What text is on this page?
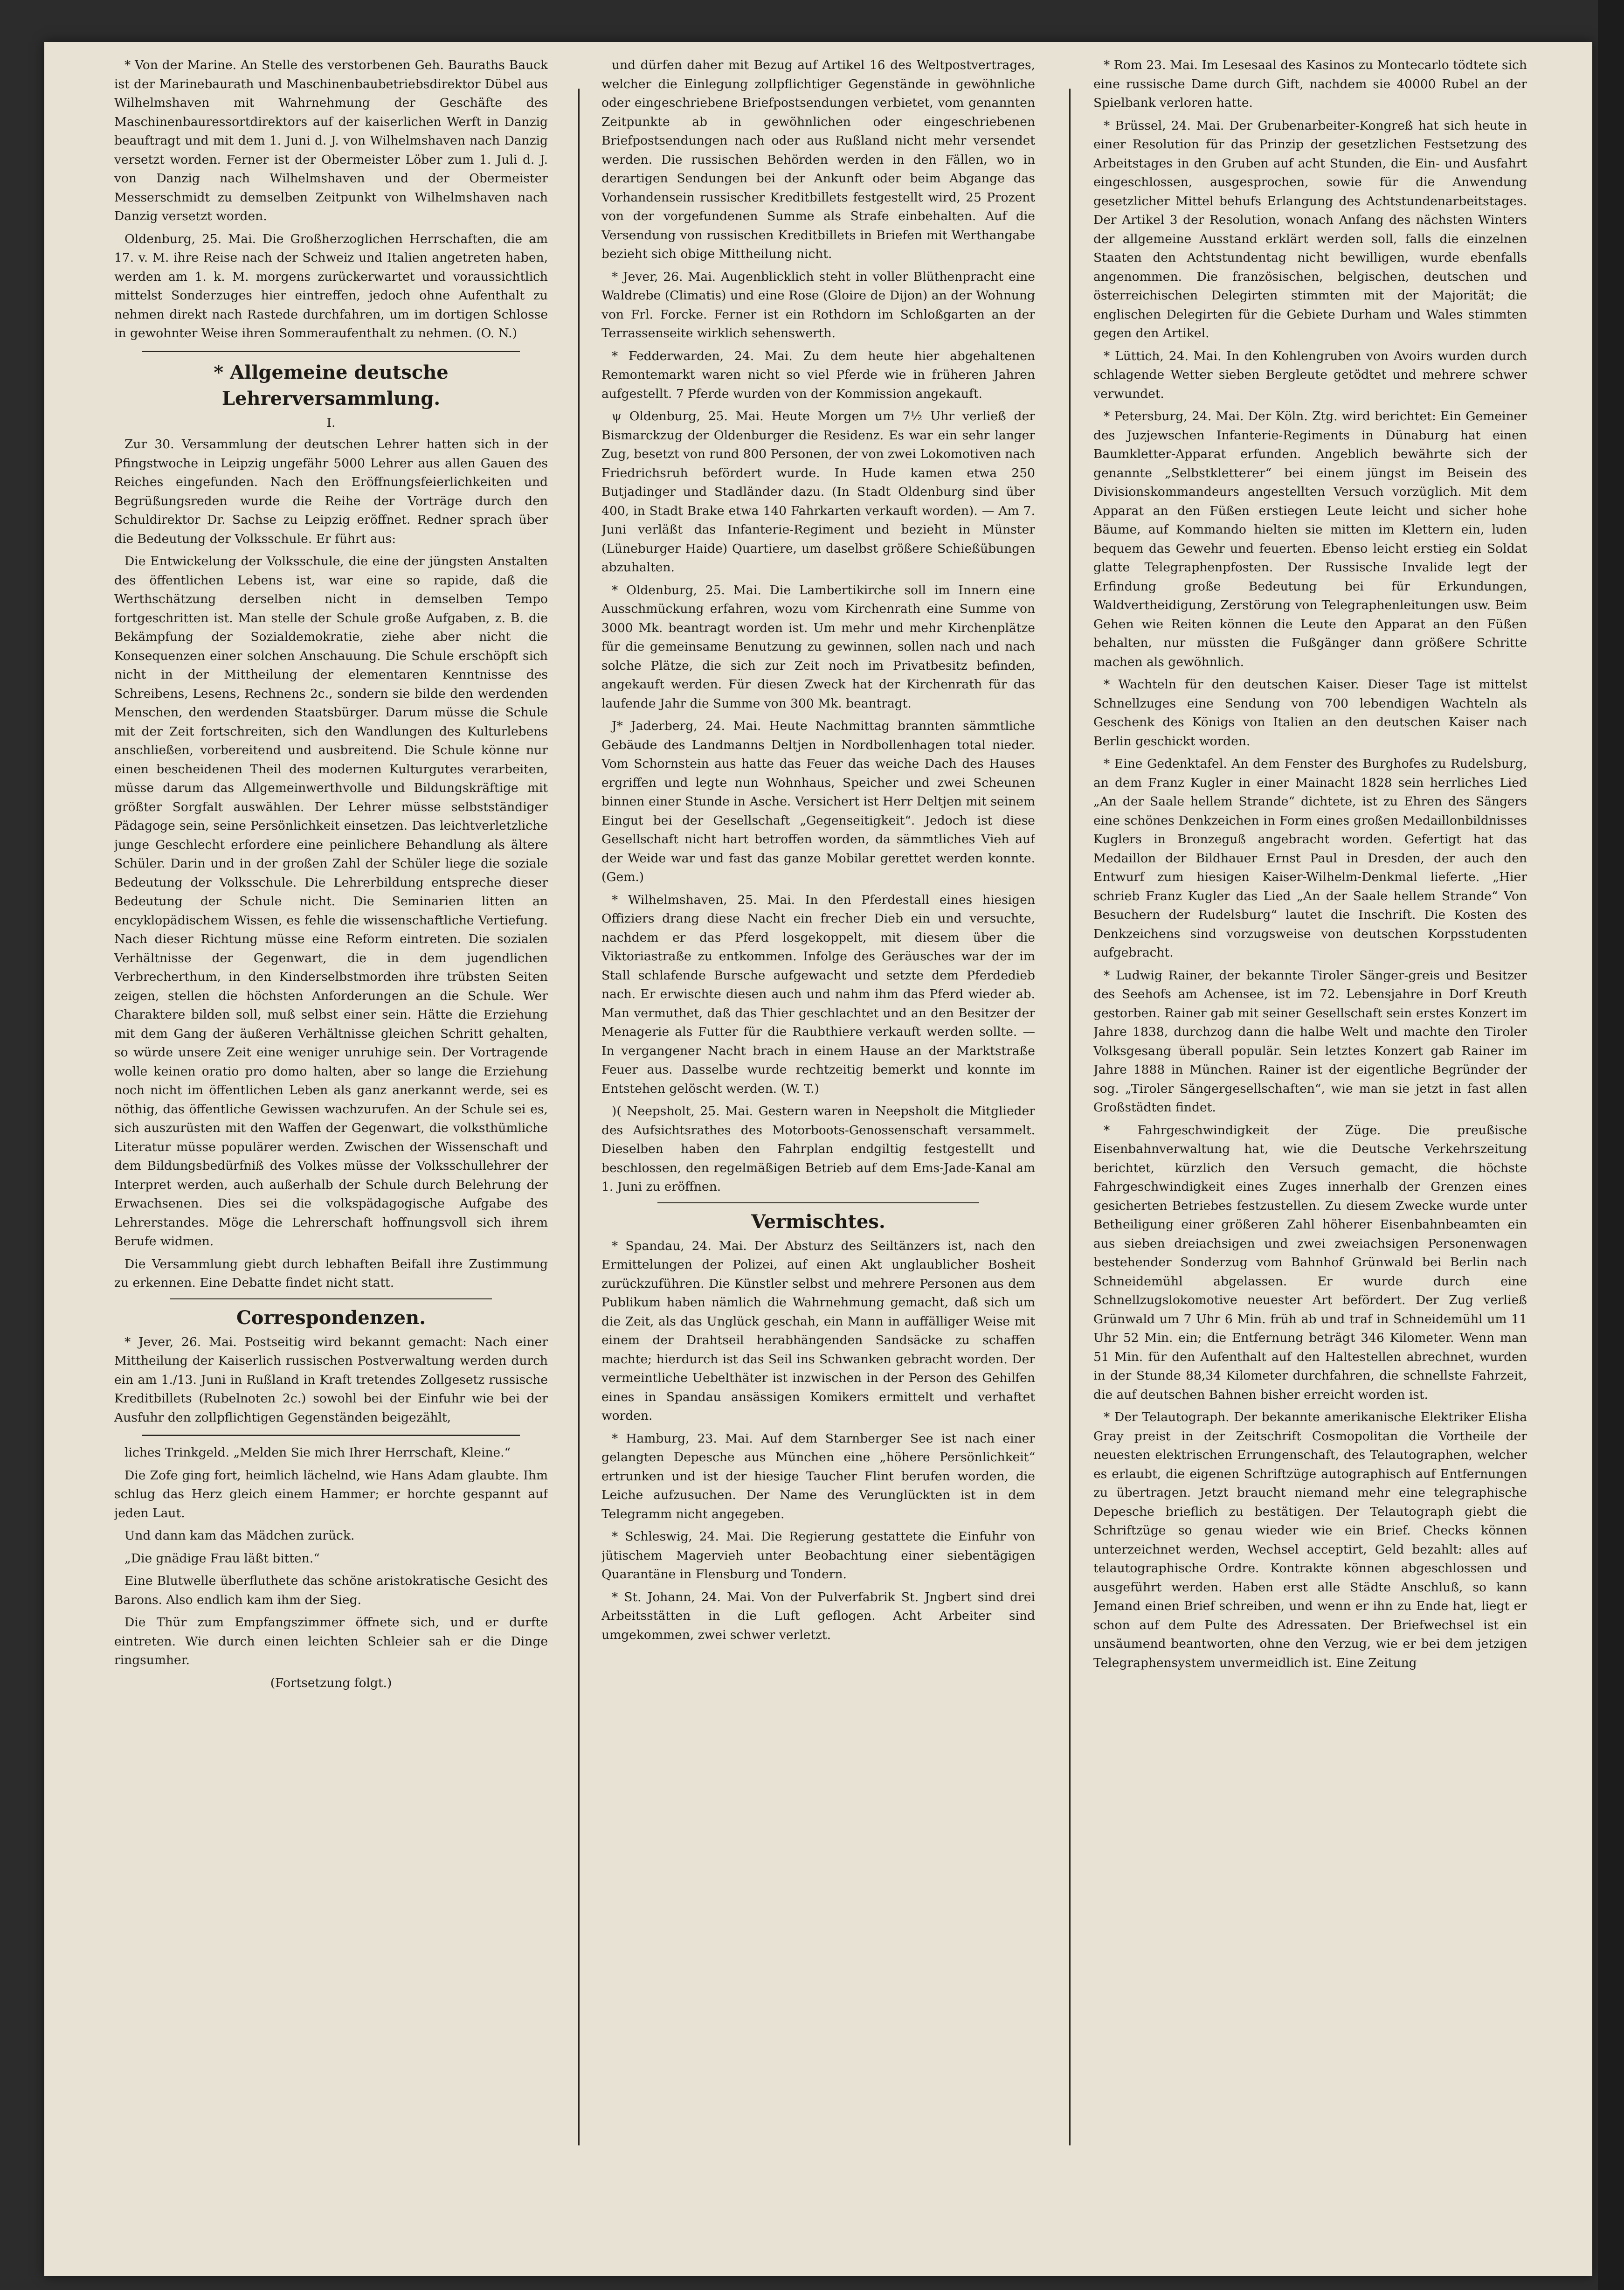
* Von der Marine. An Stelle des verstorbenen Geh. Bauraths Bauck ist der Marinebaurath und Maschinenbaubetriebsdirektor Dübel aus Wilhelmshaven mit Wahrnehmung der Geschäfte des Maschinenbauressortdirektors auf der kaiserlichen Werft in Danzig beauftragt und mit dem 1. Juni d. J. von Wilhelmshaven nach Danzig versetzt worden. Ferner ist der Obermeister Löber zum 1. Juli d. J. von Danzig nach Wilhelmshaven und der Obermeister Messerschmidt zu demselben Zeitpunkt von Wilhelmshaven nach Danzig versetzt worden.

Oldenburg, 25. Mai. Die Großherzoglichen Herrschaften, die am 17. v. M. ihre Reise nach der Schweiz und Italien angetreten haben, werden am 1. k. M. morgens zurückerwartet und voraussichtlich mittelst Sonderzuges hier eintreffen, jedoch ohne Aufenthalt zu nehmen direkt nach Rastede durchfahren, um im dortigen Schlosse in gewohnter Weise ihren Sommeraufenthalt zu nehmen. (O. N.)

* Allgemeine deutsche Lehrerversammlung.
I.

Zur 30. Versammlung der deutschen Lehrer hatten sich in der Pfingstwoche in Leipzig ungefähr 5000 Lehrer aus allen Gauen des Reiches eingefunden. Nach den Eröffnungsfeierlichkeiten und Begrüßungsreden wurde die Reihe der Vorträge durch den Schuldirektor Dr. Sachse zu Leipzig eröffnet. Redner sprach über die Bedeutung der Volksschule. Er führt aus:

Die Entwickelung der Volksschule, die eine der jüngsten Anstalten des öffentlichen Lebens ist, war eine so rapide, daß die Werthschätzung derselben nicht in demselben Tempo fortgeschritten ist. Man stelle der Schule große Aufgaben, z. B. die Bekämpfung der Sozialdemokratie, ziehe aber nicht die Konsequenzen einer solchen Anschauung. Die Schule erschöpft sich nicht in der Mittheilung der elementaren Kenntnisse des Schreibens, Lesens, Rechnens 2c., sondern sie bilde den werdenden Menschen, den werdenden Staatsbürger. Darum müsse die Schule mit der Zeit fortschreiten, sich den Wandlungen des Kulturlebens anschließen, vorbereitend und ausbreitend. Die Schule könne nur einen bescheidenen Theil des modernen Kulturgutes verarbeiten, müsse darum das Allgemeinwerthvolle und Bildungskräftige mit größter Sorgfalt auswählen. Der Lehrer müsse selbstständiger Pädagoge sein, seine Persönlichkeit einsetzen. Das leichtverletzliche junge Geschlecht erfordere eine peinlichere Behandlung als ältere Schüler. Darin und in der großen Zahl der Schüler liege die soziale Bedeutung der Volksschule. Die Lehrerbildung entspreche dieser Bedeutung der Schule nicht. Die Seminarien litten an encyklopädischem Wissen, es fehle die wissenschaftliche Vertiefung. Nach dieser Richtung müsse eine Reform eintreten. Die sozialen Verhältnisse der Gegenwart, die in dem jugendlichen Verbrecherthum, in den Kinderselbstmorden ihre trübsten Seiten zeigen, stellen die höchsten Anforderungen an die Schule. Wer Charaktere bilden soll, muß selbst einer sein. Hätte die Erziehung mit dem Gang der äußeren Verhältnisse gleichen Schritt gehalten, so würde unsere Zeit eine weniger unruhige sein. Der Vortragende wolle keinen oratio pro domo halten, aber so lange die Erziehung noch nicht im öffentlichen Leben als ganz anerkannt werde, sei es nöthig, das öffentliche Gewissen wachzurufen. An der Schule sei es, sich auszurüsten mit den Waffen der Gegenwart, die volksthümliche Literatur müsse populärer werden. Zwischen der Wissenschaft und dem Bildungsbedürfniß des Volkes müsse der Volksschullehrer der Interpret werden, auch außerhalb der Schule durch Belehrung der Erwachsenen. Dies sei die volkspädagogische Aufgabe des Lehrerstandes. Möge die Lehrerschaft hoffnungsvoll sich ihrem Berufe widmen.

Die Versammlung giebt durch lebhaften Beifall ihre Zustimmung zu erkennen. Eine Debatte findet nicht statt.

Correspondenzen.

* Jever, 26. Mai. Postseitig wird bekannt gemacht: Nach einer Mittheilung der Kaiserlich russischen Postverwaltung werden durch ein am 1./13. Juni in Rußland in Kraft tretendes Zollgesetz russische Kreditbillets (Rubelnoten 2c.) sowohl bei der Einfuhr wie bei der Ausfuhr den zollpflichtigen Gegenständen beigezählt,

liches Trinkgeld. „Melden Sie mich Ihrer Herrschaft, Kleine.“

Die Zofe ging fort, heimlich lächelnd, wie Hans Adam glaubte. Ihm schlug das Herz gleich einem Hammer; er horchte gespannt auf jeden Laut.

Und dann kam das Mädchen zurück.

„Die gnädige Frau läßt bitten.“

Eine Blutwelle überfluthete das schöne aristokratische Gesicht des Barons. Also endlich kam ihm der Sieg.

Die Thür zum Empfangszimmer öffnete sich, und er durfte eintreten. Wie durch einen leichten Schleier sah er die Dinge ringsumher.

(Fortsetzung folgt.)

und dürfen daher mit Bezug auf Artikel 16 des Weltpostvertrages, welcher die Einlegung zollpflichtiger Gegenstände in gewöhnliche oder eingeschriebene Briefpostsendungen verbietet, vom genannten Zeitpunkte ab in gewöhnlichen oder eingeschriebenen Briefpostsendungen nach oder aus Rußland nicht mehr versendet werden. Die russischen Behörden werden in den Fällen, wo in derartigen Sendungen bei der Ankunft oder beim Abgange das Vorhandensein russischer Kreditbillets festgestellt wird, 25 Prozent von der vorgefundenen Summe als Strafe einbehalten. Auf die Versendung von russischen Kreditbillets in Briefen mit Werthangabe bezieht sich obige Mittheilung nicht.

* Jever, 26. Mai. Augenblicklich steht in voller Blüthenpracht eine Waldrebe (Climatis) und eine Rose (Gloire de Dijon) an der Wohnung von Frl. Forcke. Ferner ist ein Rothdorn im Schloßgarten an der Terrassenseite wirklich sehenswerth.

* Fedderwarden, 24. Mai. Zu dem heute hier abgehaltenen Remontemarkt waren nicht so viel Pferde wie in früheren Jahren aufgestellt. 7 Pferde wurden von der Kommission angekauft.

ψ Oldenburg, 25. Mai. Heute Morgen um 7½ Uhr verließ der Bismarckzug der Oldenburger die Residenz. Es war ein sehr langer Zug, besetzt von rund 800 Personen, der von zwei Lokomotiven nach Friedrichsruh befördert wurde. In Hude kamen etwa 250 Butjadinger und Stadländer dazu. (In Stadt Oldenburg sind über 400, in Stadt Brake etwa 140 Fahrkarten verkauft worden). — Am 7. Juni verläßt das Infanterie-Regiment und bezieht in Münster (Lüneburger Haide) Quartiere, um daselbst größere Schießübungen abzuhalten.

* Oldenburg, 25. Mai. Die Lambertikirche soll im Innern eine Ausschmückung erfahren, wozu vom Kirchenrath eine Summe von 3000 Mk. beantragt worden ist. Um mehr und mehr Kirchenplätze für die gemeinsame Benutzung zu gewinnen, sollen nach und nach solche Plätze, die sich zur Zeit noch im Privatbesitz befinden, angekauft werden. Für diesen Zweck hat der Kirchenrath für das laufende Jahr die Summe von 300 Mk. beantragt.

J* Jaderberg, 24. Mai. Heute Nachmittag brannten sämmtliche Gebäude des Landmanns Deltjen in Nordbollenhagen total nieder. Vom Schornstein aus hatte das Feuer das weiche Dach des Hauses ergriffen und legte nun Wohnhaus, Speicher und zwei Scheunen binnen einer Stunde in Asche. Versichert ist Herr Deltjen mit seinem Eingut bei der Gesellschaft „Gegenseitigkeit“. Jedoch ist diese Gesellschaft nicht hart betroffen worden, da sämmtliches Vieh auf der Weide war und fast das ganze Mobilar gerettet werden konnte. (Gem.)

* Wilhelmshaven, 25. Mai. In den Pferdestall eines hiesigen Offiziers drang diese Nacht ein frecher Dieb ein und versuchte, nachdem er das Pferd losgekoppelt, mit diesem über die Viktoriastraße zu entkommen. Infolge des Geräusches war der im Stall schlafende Bursche aufgewacht und setzte dem Pferdedieb nach. Er erwischte diesen auch und nahm ihm das Pferd wieder ab. Man vermuthet, daß das Thier geschlachtet und an den Besitzer der Menagerie als Futter für die Raubthiere verkauft werden sollte. — In vergangener Nacht brach in einem Hause an der Marktstraße Feuer aus. Dasselbe wurde rechtzeitig bemerkt und konnte im Entstehen gelöscht werden. (W. T.)

)( Neepsholt, 25. Mai. Gestern waren in Neepsholt die Mitglieder des Aufsichtsrathes des Motorboots-Genossenschaft versammelt. Dieselben haben den Fahrplan endgiltig festgestellt und beschlossen, den regelmäßigen Betrieb auf dem Ems-Jade-Kanal am 1. Juni zu eröffnen.

Vermischtes.

* Spandau, 24. Mai. Der Absturz des Seiltänzers ist, nach den Ermittelungen der Polizei, auf einen Akt unglaublicher Bosheit zurückzuführen. Die Künstler selbst und mehrere Personen aus dem Publikum haben nämlich die Wahrnehmung gemacht, daß sich um die Zeit, als das Unglück geschah, ein Mann in auffälliger Weise mit einem der Drahtseil herabhängenden Sandsäcke zu schaffen machte; hierdurch ist das Seil ins Schwanken gebracht worden. Der vermeintliche Uebelthäter ist inzwischen in der Person des Gehilfen eines in Spandau ansässigen Komikers ermittelt und verhaftet worden.

* Hamburg, 23. Mai. Auf dem Starnberger See ist nach einer gelangten Depesche aus München eine „höhere Persönlichkeit“ ertrunken und ist der hiesige Taucher Flint berufen worden, die Leiche aufzusuchen. Der Name des Verunglückten ist in dem Telegramm nicht angegeben.

* Schleswig, 24. Mai. Die Regierung gestattete die Einfuhr von jütischem Magervieh unter Beobachtung einer siebentägigen Quarantäne in Flensburg und Tondern.

* St. Johann, 24. Mai. Von der Pulverfabrik St. Jngbert sind drei Arbeitsstätten in die Luft geflogen. Acht Arbeiter sind umgekommen, zwei schwer verletzt.

* Rom 23. Mai. Im Lesesaal des Kasinos zu Montecarlo tödtete sich eine russische Dame durch Gift, nachdem sie 40000 Rubel an der Spielbank verloren hatte.

* Brüssel, 24. Mai. Der Grubenarbeiter-Kongreß hat sich heute in einer Resolution für das Prinzip der gesetzlichen Festsetzung des Arbeitstages in den Gruben auf acht Stunden, die Ein- und Ausfahrt eingeschlossen, ausgesprochen, sowie für die Anwendung gesetzlicher Mittel behufs Erlangung des Achtstundenarbeitstages. Der Artikel 3 der Resolution, wonach Anfang des nächsten Winters der allgemeine Ausstand erklärt werden soll, falls die einzelnen Staaten den Achtstundentag nicht bewilligen, wurde ebenfalls angenommen. Die französischen, belgischen, deutschen und österreichischen Delegirten stimmten mit der Majorität; die englischen Delegirten für die Gebiete Durham und Wales stimmten gegen den Artikel.

* Lüttich, 24. Mai. In den Kohlengruben von Avoirs wurden durch schlagende Wetter sieben Bergleute getödtet und mehrere schwer verwundet.

* Petersburg, 24. Mai. Der Köln. Ztg. wird berichtet: Ein Gemeiner des Juzjewschen Infanterie-Regiments in Dünaburg hat einen Baumkletter-Apparat erfunden. Angeblich bewährte sich der genannte „Selbstkletterer“ bei einem jüngst im Beisein des Divisionskommandeurs angestellten Versuch vorzüglich. Mit dem Apparat an den Füßen erstiegen Leute leicht und sicher hohe Bäume, auf Kommando hielten sie mitten im Klettern ein, luden bequem das Gewehr und feuerten. Ebenso leicht erstieg ein Soldat glatte Telegraphenpfosten. Der Russische Invalide legt der Erfindung große Bedeutung bei für Erkundungen, Waldvertheidigung, Zerstörung von Telegraphenleitungen usw. Beim Gehen wie Reiten können die Leute den Apparat an den Füßen behalten, nur müssten die Fußgänger dann größere Schritte machen als gewöhnlich.

* Wachteln für den deutschen Kaiser. Dieser Tage ist mittelst Schnellzuges eine Sendung von 700 lebendigen Wachteln als Geschenk des Königs von Italien an den deutschen Kaiser nach Berlin geschickt worden.

* Eine Gedenktafel. An dem Fenster des Burghofes zu Rudelsburg, an dem Franz Kugler in einer Mainacht 1828 sein herrliches Lied „An der Saale hellem Strande“ dichtete, ist zu Ehren des Sängers eine schönes Denkzeichen in Form eines großen Medaillonbildnisses Kuglers in Bronzeguß angebracht worden. Gefertigt hat das Medaillon der Bildhauer Ernst Paul in Dresden, der auch den Entwurf zum hiesigen Kaiser-Wilhelm-Denkmal lieferte. „Hier schrieb Franz Kugler das Lied „An der Saale hellem Strande“ Von Besuchern der Rudelsburg“ lautet die Inschrift. Die Kosten des Denkzeichens sind vorzugsweise von deutschen Korpsstudenten aufgebracht.

* Ludwig Rainer, der bekannte Tiroler Sänger-greis und Besitzer des Seehofs am Achensee, ist im 72. Lebensjahre in Dorf Kreuth gestorben. Rainer gab mit seiner Gesellschaft sein erstes Konzert im Jahre 1838, durchzog dann die halbe Welt und machte den Tiroler Volksgesang überall populär. Sein letztes Konzert gab Rainer im Jahre 1888 in München. Rainer ist der eigentliche Begründer der sog. „Tiroler Sängergesellschaften“, wie man sie jetzt in fast allen Großstädten findet.

* Fahrgeschwindigkeit der Züge. Die preußische Eisenbahnverwaltung hat, wie die Deutsche Verkehrszeitung berichtet, kürzlich den Versuch gemacht, die höchste Fahrgeschwindigkeit eines Zuges innerhalb der Grenzen eines gesicherten Betriebes festzustellen. Zu diesem Zwecke wurde unter Betheiligung einer größeren Zahl höherer Eisenbahnbeamten ein aus sieben dreiachsigen und zwei zweiachsigen Personenwagen bestehender Sonderzug vom Bahnhof Grünwald bei Berlin nach Schneidemühl abgelassen. Er wurde durch eine Schnellzugslokomotive neuester Art befördert. Der Zug verließ Grünwald um 7 Uhr 6 Min. früh ab und traf in Schneidemühl um 11 Uhr 52 Min. ein; die Entfernung beträgt 346 Kilometer. Wenn man 51 Min. für den Aufenthalt auf den Haltestellen abrechnet, wurden in der Stunde 88,34 Kilometer durchfahren, die schnellste Fahrzeit, die auf deutschen Bahnen bisher erreicht worden ist.

* Der Telautograph. Der bekannte amerikanische Elektriker Elisha Gray preist in der Zeitschrift Cosmopolitan die Vortheile der neuesten elektrischen Errungenschaft, des Telautographen, welcher es erlaubt, die eigenen Schriftzüge autographisch auf Entfernungen zu übertragen. Jetzt braucht niemand mehr eine telegraphische Depesche brieflich zu bestätigen. Der Telautograph giebt die Schriftzüge so genau wieder wie ein Brief. Checks können unterzeichnet werden, Wechsel acceptirt, Geld bezahlt: alles auf telautographische Ordre. Kontrakte können abgeschlossen und ausgeführt werden. Haben erst alle Städte Anschluß, so kann Jemand einen Brief schreiben, und wenn er ihn zu Ende hat, liegt er schon auf dem Pulte des Adressaten. Der Briefwechsel ist ein unsäumend beantworten, ohne den Verzug, wie er bei dem jetzigen Telegraphensystem unvermeidlich ist. Eine Zeitung
